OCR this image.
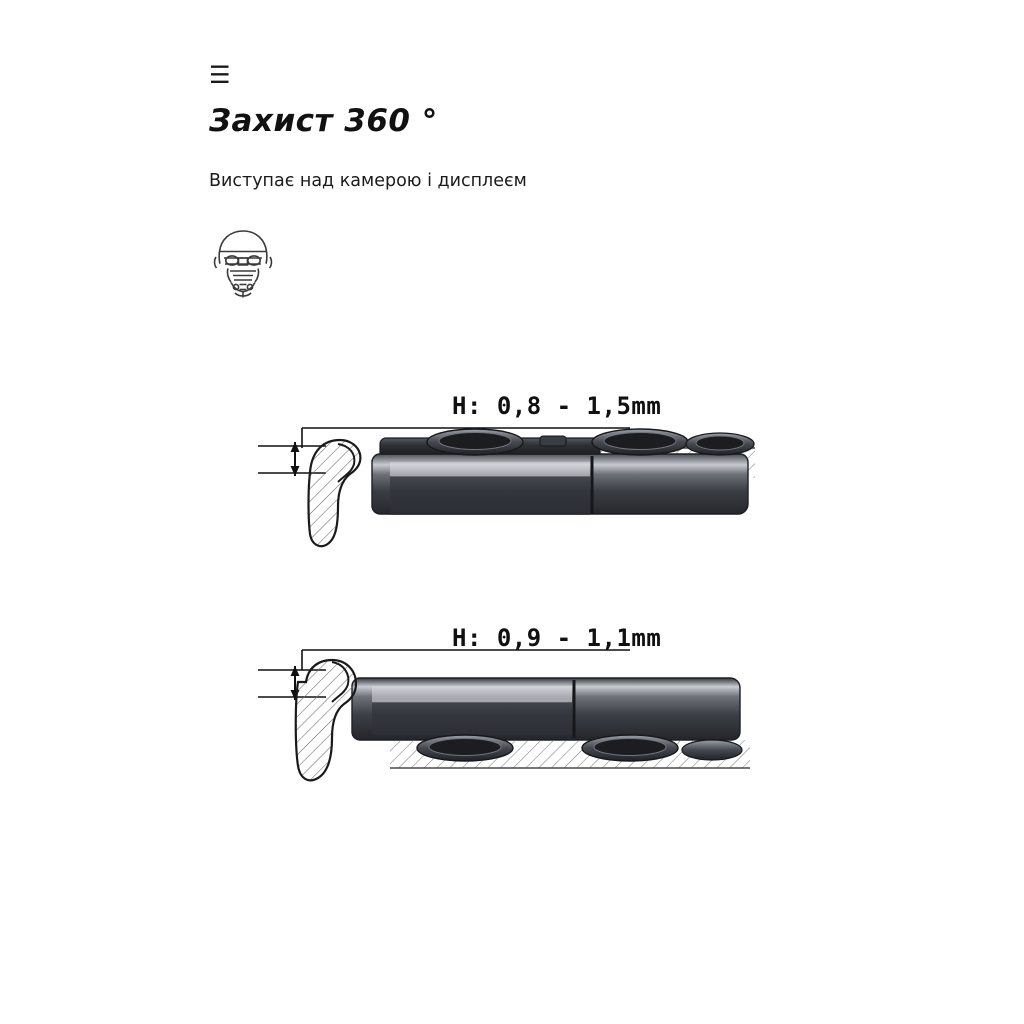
☰
Захист 360 °
Виступає над камерою і дисплеєм
H: 0,8 - 1,5mm
H: 0,9 - 1,1mm
